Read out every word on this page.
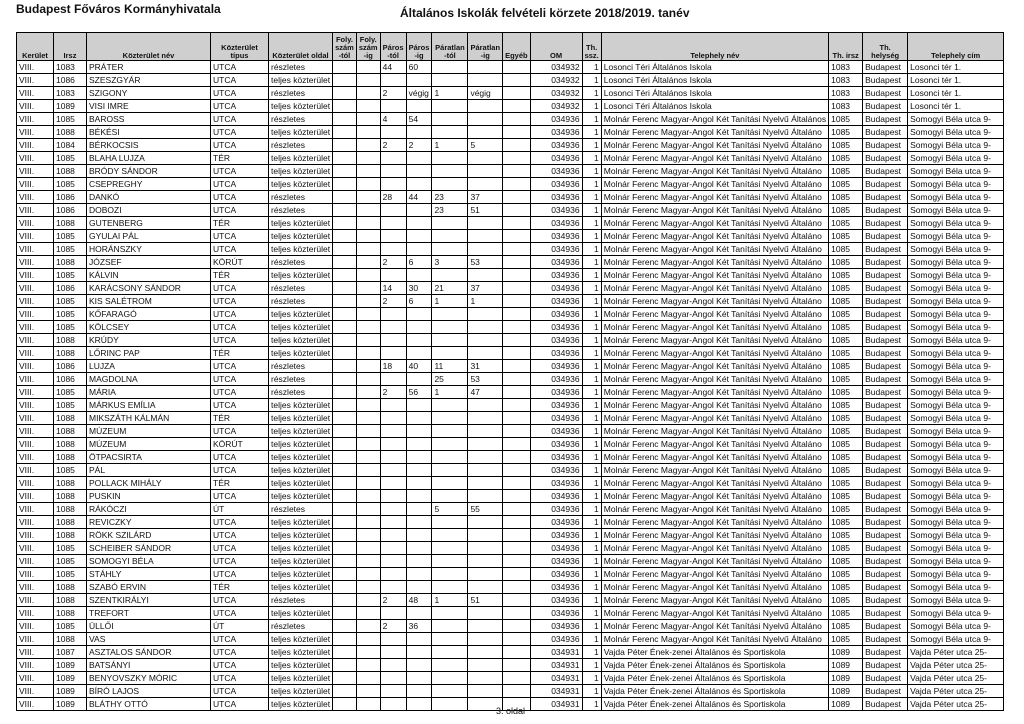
Budapest Főváros Kormányhivatala	Általános Iskolák felvételi körzete 2018/2019. tanév
Kerület	Irsz	Közterület név	Közterület típus	Közterület oldal	Foly. szám -tól	Foly. szám -ig	Páros -tól	Páros -ig	Páratlan -tól	Páratlan -ig	Egyéb	OM	Th. ssz.	Telephely név	Th. irsz	Th. helység	Telephely cím
VIII.	1083	PRÁTER	UTCA	részletes			44	60				034932	1	Losonci Téri Általános Iskola	1083	Budapest	Losonci tér 1.
VIII.	1086	SZESZGYÁR	UTCA	teljes közterület								034932	1	Losonci Téri Általános Iskola	1083	Budapest	Losonci tér 1.
VIII.	1083	SZIGONY	UTCA	részletes			2	végig	1	végig		034932	1	Losonci Téri Általános Iskola	1083	Budapest	Losonci tér 1.
VIII.	1089	VISI IMRE	UTCA	teljes közterület								034932	1	Losonci Téri Általános Iskola	1083	Budapest	Losonci tér 1.
VIII.	1085	BAROSS	UTCA	részletes			4	54				034936	1	Molnár Ferenc Magyar-Angol Két Tanítási Nyelvű Általános	1085	Budapest	Somogyi Béla utca 9-
VIII.	1088	BÉKÉSI	UTCA	teljes közterület								034936	1	Molnár Ferenc Magyar-Angol Két Tanítási Nyelvű Általáno	1085	Budapest	Somogyi Béla utca 9-
VIII.	1084	BÉRKOCSIS	UTCA	részletes			2	2	1	5		034936	1	Molnár Ferenc Magyar-Angol Két Tanítási Nyelvű Általáno	1085	Budapest	Somogyi Béla utca 9-
VIII.	1085	BLAHA LUJZA	TÉR	teljes közterület								034936	1	Molnár Ferenc Magyar-Angol Két Tanítási Nyelvű Általáno	1085	Budapest	Somogyi Béla utca 9-
VIII.	1088	BRÓDY SÁNDOR	UTCA	teljes közterület								034936	1	Molnár Ferenc Magyar-Angol Két Tanítási Nyelvű Általáno	1085	Budapest	Somogyi Béla utca 9-
VIII.	1085	CSEPREGHY	UTCA	teljes közterület								034936	1	Molnár Ferenc Magyar-Angol Két Tanítási Nyelvű Általáno	1085	Budapest	Somogyi Béla utca 9-
VIII.	1086	DANKÓ	UTCA	részletes			28	44	23	37		034936	1	Molnár Ferenc Magyar-Angol Két Tanítási Nyelvű Általáno	1085	Budapest	Somogyi Béla utca 9-
VIII.	1086	DOBOZI	UTCA	részletes					23	51		034936	1	Molnár Ferenc Magyar-Angol Két Tanítási Nyelvű Általáno	1085	Budapest	Somogyi Béla utca 9-
VIII.	1088	GUTENBERG	TÉR	teljes közterület								034936	1	Molnár Ferenc Magyar-Angol Két Tanítási Nyelvű Általáno	1085	Budapest	Somogyi Béla utca 9-
VIII.	1085	GYULAI PÁL	UTCA	teljes közterület								034936	1	Molnár Ferenc Magyar-Angol Két Tanítási Nyelvű Általáno	1085	Budapest	Somogyi Béla utca 9-
VIII.	1085	HORÁNSZKY	UTCA	teljes közterület								034936	1	Molnár Ferenc Magyar-Angol Két Tanítási Nyelvű Általáno	1085	Budapest	Somogyi Béla utca 9-
VIII.	1088	JÓZSEF	KÖRÚT	részletes			2	6	3	53		034936	1	Molnár Ferenc Magyar-Angol Két Tanítási Nyelvű Általáno	1085	Budapest	Somogyi Béla utca 9-
VIII.	1085	KÁLVIN	TÉR	teljes közterület								034936	1	Molnár Ferenc Magyar-Angol Két Tanítási Nyelvű Általáno	1085	Budapest	Somogyi Béla utca 9-
VIII.	1086	KARÁCSONY SÁNDOR	UTCA	részletes			14	30	21	37		034936	1	Molnár Ferenc Magyar-Angol Két Tanítási Nyelvű Általáno	1085	Budapest	Somogyi Béla utca 9-
VIII.	1085	KIS SALÉTROM	UTCA	részletes			2	6	1	1		034936	1	Molnár Ferenc Magyar-Angol Két Tanítási Nyelvű Általáno	1085	Budapest	Somogyi Béla utca 9-
VIII.	1085	KŐFARAGÓ	UTCA	teljes közterület								034936	1	Molnár Ferenc Magyar-Angol Két Tanítási Nyelvű Általáno	1085	Budapest	Somogyi Béla utca 9-
VIII.	1085	KÖLCSEY	UTCA	teljes közterület								034936	1	Molnár Ferenc Magyar-Angol Két Tanítási Nyelvű Általáno	1085	Budapest	Somogyi Béla utca 9-
VIII.	1088	KRÚDY	UTCA	teljes közterület								034936	1	Molnár Ferenc Magyar-Angol Két Tanítási Nyelvű Általáno	1085	Budapest	Somogyi Béla utca 9-
VIII.	1088	LŐRINC PAP	TÉR	teljes közterület								034936	1	Molnár Ferenc Magyar-Angol Két Tanítási Nyelvű Általáno	1085	Budapest	Somogyi Béla utca 9-
VIII.	1086	LUJZA	UTCA	részletes			18	40	11	31		034936	1	Molnár Ferenc Magyar-Angol Két Tanítási Nyelvű Általáno	1085	Budapest	Somogyi Béla utca 9-
VIII.	1086	MAGDOLNA	UTCA	részletes					25	53		034936	1	Molnár Ferenc Magyar-Angol Két Tanítási Nyelvű Általáno	1085	Budapest	Somogyi Béla utca 9-
VIII.	1085	MÁRIA	UTCA	részletes			2	56	1	47		034936	1	Molnár Ferenc Magyar-Angol Két Tanítási Nyelvű Általáno	1085	Budapest	Somogyi Béla utca 9-
VIII.	1085	MÁRKUS EMÍLIA	UTCA	teljes közterület								034936	1	Molnár Ferenc Magyar-Angol Két Tanítási Nyelvű Általáno	1085	Budapest	Somogyi Béla utca 9-
VIII.	1088	MIKSZÁTH KÁLMÁN	TÉR	teljes közterület								034936	1	Molnár Ferenc Magyar-Angol Két Tanítási Nyelvű Általáno	1085	Budapest	Somogyi Béla utca 9-
VIII.	1088	MÚZEUM	UTCA	teljes közterület								034936	1	Molnár Ferenc Magyar-Angol Két Tanítási Nyelvű Általáno	1085	Budapest	Somogyi Béla utca 9-
VIII.	1088	MÚZEUM	KÖRÚT	teljes közterület								034936	1	Molnár Ferenc Magyar-Angol Két Tanítási Nyelvű Általáno	1085	Budapest	Somogyi Béla utca 9-
VIII.	1088	ÖTPACSIRTA	UTCA	teljes közterület								034936	1	Molnár Ferenc Magyar-Angol Két Tanítási Nyelvű Általáno	1085	Budapest	Somogyi Béla utca 9-
VIII.	1085	PÁL	UTCA	teljes közterület								034936	1	Molnár Ferenc Magyar-Angol Két Tanítási Nyelvű Általáno	1085	Budapest	Somogyi Béla utca 9-
VIII.	1088	POLLACK MIHÁLY	TÉR	teljes közterület								034936	1	Molnár Ferenc Magyar-Angol Két Tanítási Nyelvű Általáno	1085	Budapest	Somogyi Béla utca 9-
VIII.	1088	PUSKIN	UTCA	teljes közterület								034936	1	Molnár Ferenc Magyar-Angol Két Tanítási Nyelvű Általáno	1085	Budapest	Somogyi Béla utca 9-
VIII.	1088	RÁKÓCZI	ÚT	részletes					5	55		034936	1	Molnár Ferenc Magyar-Angol Két Tanítási Nyelvű Általáno	1085	Budapest	Somogyi Béla utca 9-
VIII.	1088	REVICZKY	UTCA	teljes közterület								034936	1	Molnár Ferenc Magyar-Angol Két Tanítási Nyelvű Általáno	1085	Budapest	Somogyi Béla utca 9-
VIII.	1088	RÖKK SZILÁRD	UTCA	teljes közterület								034936	1	Molnár Ferenc Magyar-Angol Két Tanítási Nyelvű Általáno	1085	Budapest	Somogyi Béla utca 9-
VIII.	1085	SCHEIBER SÁNDOR	UTCA	teljes közterület								034936	1	Molnár Ferenc Magyar-Angol Két Tanítási Nyelvű Általáno	1085	Budapest	Somogyi Béla utca 9-
VIII.	1085	SOMOGYI BÉLA	UTCA	teljes közterület								034936	1	Molnár Ferenc Magyar-Angol Két Tanítási Nyelvű Általáno	1085	Budapest	Somogyi Béla utca 9-
VIII.	1085	STÁHLY	UTCA	teljes közterület								034936	1	Molnár Ferenc Magyar-Angol Két Tanítási Nyelvű Általáno	1085	Budapest	Somogyi Béla utca 9-
VIII.	1088	SZABÓ ERVIN	TÉR	teljes közterület								034936	1	Molnár Ferenc Magyar-Angol Két Tanítási Nyelvű Általáno	1085	Budapest	Somogyi Béla utca 9-
VIII.	1088	SZENTKIRÁLYI	UTCA	részletes			2	48	1	51		034936	1	Molnár Ferenc Magyar-Angol Két Tanítási Nyelvű Általáno	1085	Budapest	Somogyi Béla utca 9-
VIII.	1088	TREFORT	UTCA	teljes közterület								034936	1	Molnár Ferenc Magyar-Angol Két Tanítási Nyelvű Általáno	1085	Budapest	Somogyi Béla utca 9-
VIII.	1085	ÜLLŐI	ÚT	részletes			2	36				034936	1	Molnár Ferenc Magyar-Angol Két Tanítási Nyelvű Általáno	1085	Budapest	Somogyi Béla utca 9-
VIII.	1088	VAS	UTCA	teljes közterület								034936	1	Molnár Ferenc Magyar-Angol Két Tanítási Nyelvű Általáno	1085	Budapest	Somogyi Béla utca 9-
VIII.	1087	ASZTALOS SÁNDOR	UTCA	teljes közterület								034931	1	Vajda Péter Ének-zenei Általános és Sportiskola	1089	Budapest	Vajda Péter utca 25-
VIII.	1089	BATSÁNYI	UTCA	teljes közterület								034931	1	Vajda Péter Ének-zenei Általános és Sportiskola	1089	Budapest	Vajda Péter utca 25-
VIII.	1089	BENYOVSZKY MÓRIC	UTCA	teljes közterület								034931	1	Vajda Péter Ének-zenei Általános és Sportiskola	1089	Budapest	Vajda Péter utca 25-
VIII.	1089	BÍRÓ LAJOS	UTCA	teljes közterület								034931	1	Vajda Péter Ének-zenei Általános és Sportiskola	1089	Budapest	Vajda Péter utca 25-
VIII.	1089	BLÁTHY OTTÓ	UTCA	teljes közterület								034931	1	Vajda Péter Ének-zenei Általános és Sportiskola	1089	Budapest	Vajda Péter utca 25-
3. oldal
